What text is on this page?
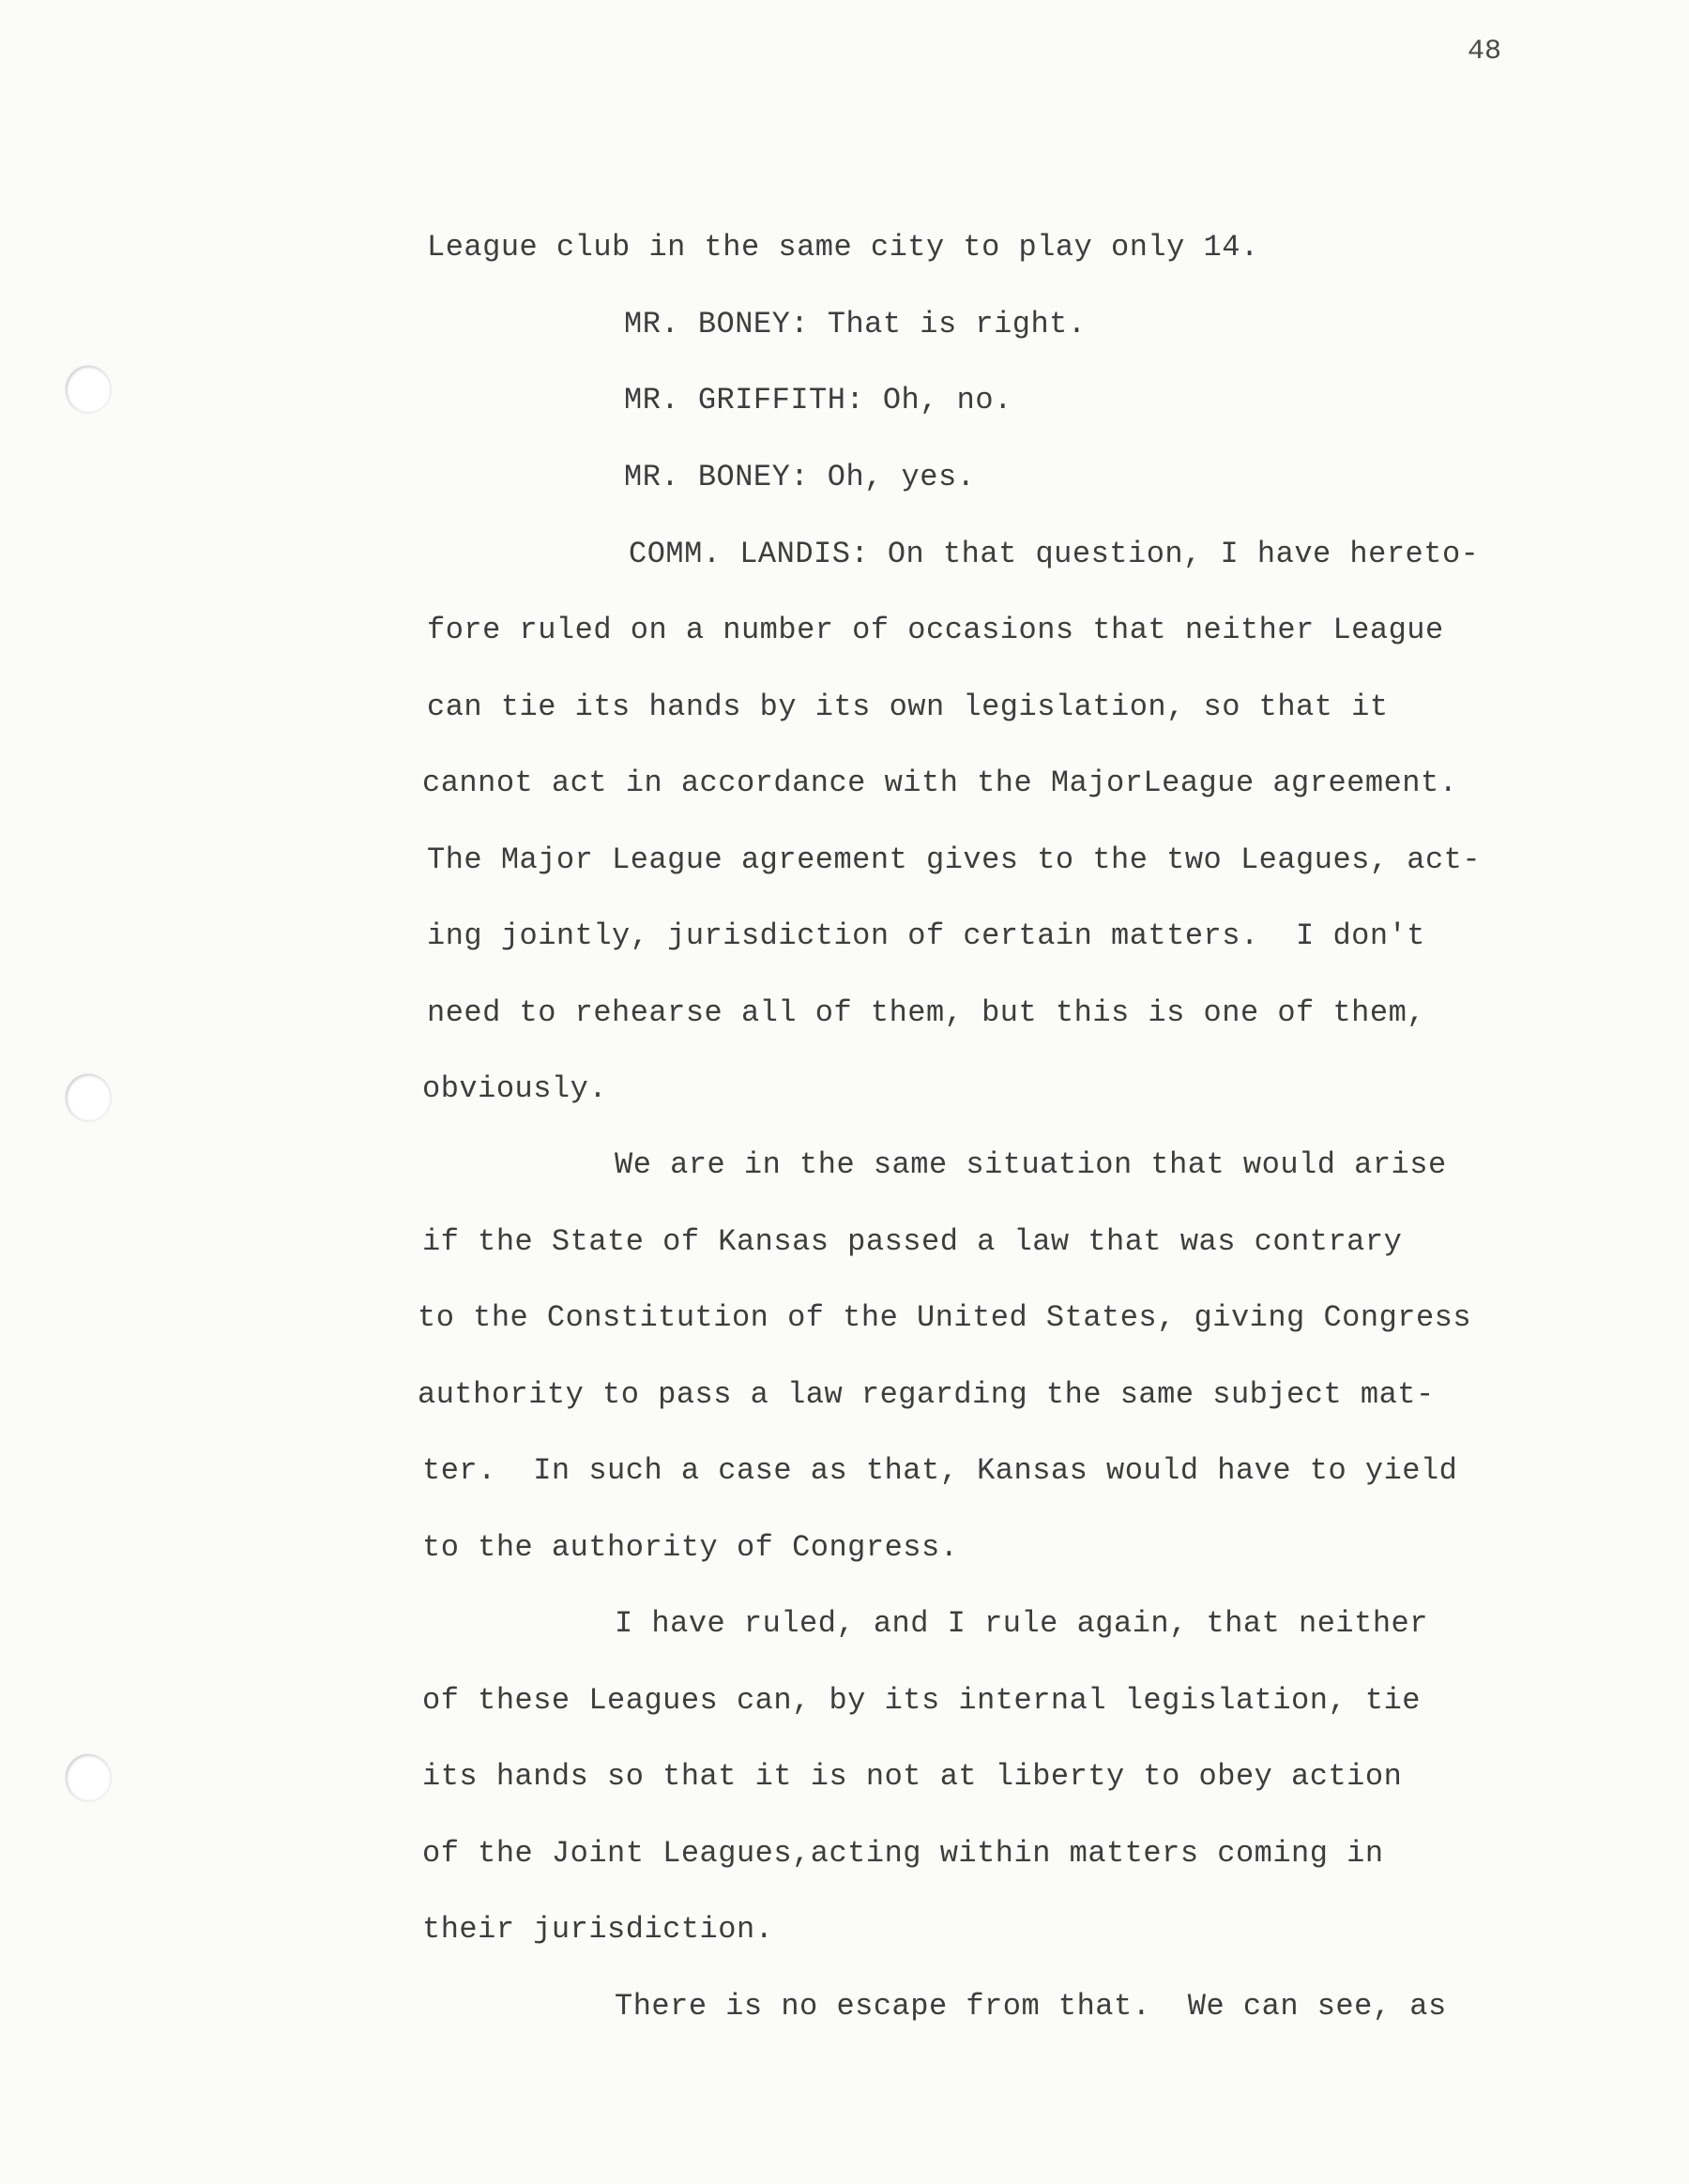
48
League club in the same city to play only 14.
MR. BONEY: That is right.
MR. GRIFFITH: Oh, no.
MR. BONEY: Oh, yes.
COMM. LANDIS: On that question, I have hereto-
fore ruled on a number of occasions that neither League
can tie its hands by its own legislation, so that it
cannot act in accordance with the MajorLeague agreement.
The Major League agreement gives to the two Leagues, act-
ing jointly, jurisdiction of certain matters.  I don't
need to rehearse all of them, but this is one of them,
obviously.
We are in the same situation that would arise
if the State of Kansas passed a law that was contrary
to the Constitution of the United States, giving Congress
authority to pass a law regarding the same subject mat-
ter.  In such a case as that, Kansas would have to yield
to the authority of Congress.
I have ruled, and I rule again, that neither
of these Leagues can, by its internal legislation, tie
its hands so that it is not at liberty to obey action
of the Joint Leagues,acting within matters coming in
their jurisdiction.
There is no escape from that.  We can see, as
